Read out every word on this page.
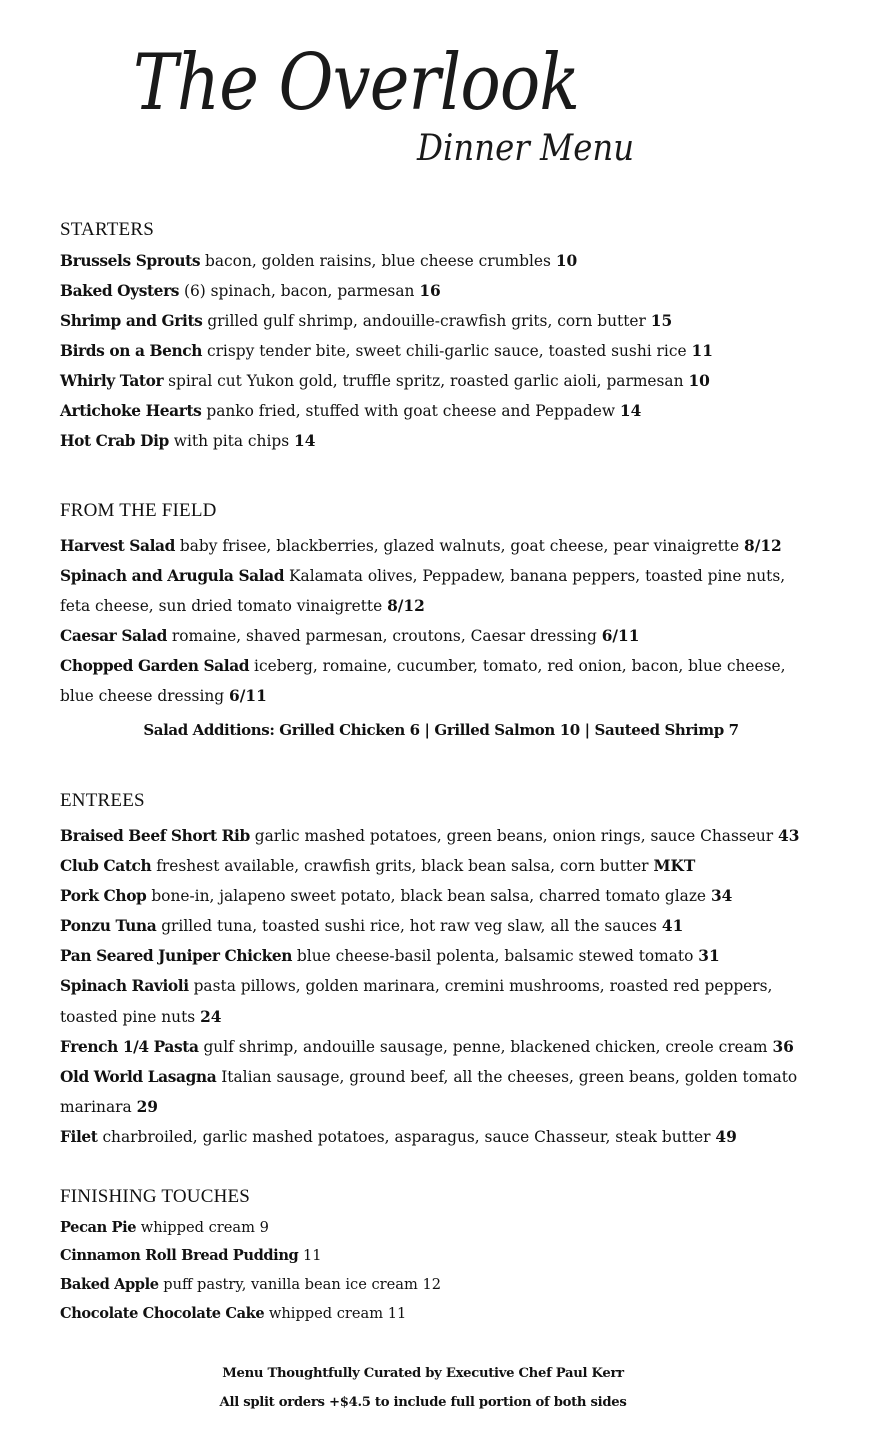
The Overlook
Dinner Menu
STARTERS
Brussels Sprouts bacon, golden raisins, blue cheese crumbles 10
Baked Oysters (6) spinach, bacon, parmesan 16
Shrimp and Grits grilled gulf shrimp, andouille-crawfish grits, corn butter 15
Birds on a Bench crispy tender bite, sweet chili-garlic sauce, toasted sushi rice 11
Whirly Tator spiral cut Yukon gold, truffle spritz, roasted garlic aioli, parmesan 10
Artichoke Hearts panko fried, stuffed with goat cheese and Peppadew 14
Hot Crab Dip with pita chips 14
FROM THE FIELD
Harvest Salad baby frisee, blackberries, glazed walnuts, goat cheese, pear vinaigrette 8/12
Spinach and Arugula Salad Kalamata olives, Peppadew, banana peppers, toasted pine nuts,
feta cheese, sun dried tomato vinaigrette 8/12
Caesar Salad romaine, shaved parmesan, croutons, Caesar dressing 6/11
Chopped Garden Salad iceberg, romaine, cucumber, tomato, red onion, bacon, blue cheese,
blue cheese dressing 6/11
Salad Additions: Grilled Chicken 6 | Grilled Salmon 10 | Sauteed Shrimp 7
ENTREES
Braised Beef Short Rib garlic mashed potatoes, green beans, onion rings, sauce Chasseur 43
Club Catch freshest available, crawfish grits, black bean salsa, corn butter MKT
Pork Chop bone-in, jalapeno sweet potato, black bean salsa, charred tomato glaze 34
Ponzu Tuna grilled tuna, toasted sushi rice, hot raw veg slaw, all the sauces 41
Pan Seared Juniper Chicken blue cheese-basil polenta, balsamic stewed tomato 31
Spinach Ravioli pasta pillows, golden marinara, cremini mushrooms, roasted red peppers,
toasted pine nuts 24
French 1/4 Pasta gulf shrimp, andouille sausage, penne, blackened chicken, creole cream 36
Old World Lasagna Italian sausage, ground beef, all the cheeses, green beans, golden tomato
marinara 29
Filet charbroiled, garlic mashed potatoes, asparagus, sauce Chasseur, steak butter 49
FINISHING TOUCHES
Pecan Pie whipped cream 9
Cinnamon Roll Bread Pudding 11
Baked Apple puff pastry, vanilla bean ice cream 12
Chocolate Chocolate Cake whipped cream 11
Menu Thoughtfully Curated by Executive Chef Paul Kerr
All split orders +$4.5 to include full portion of both sides
